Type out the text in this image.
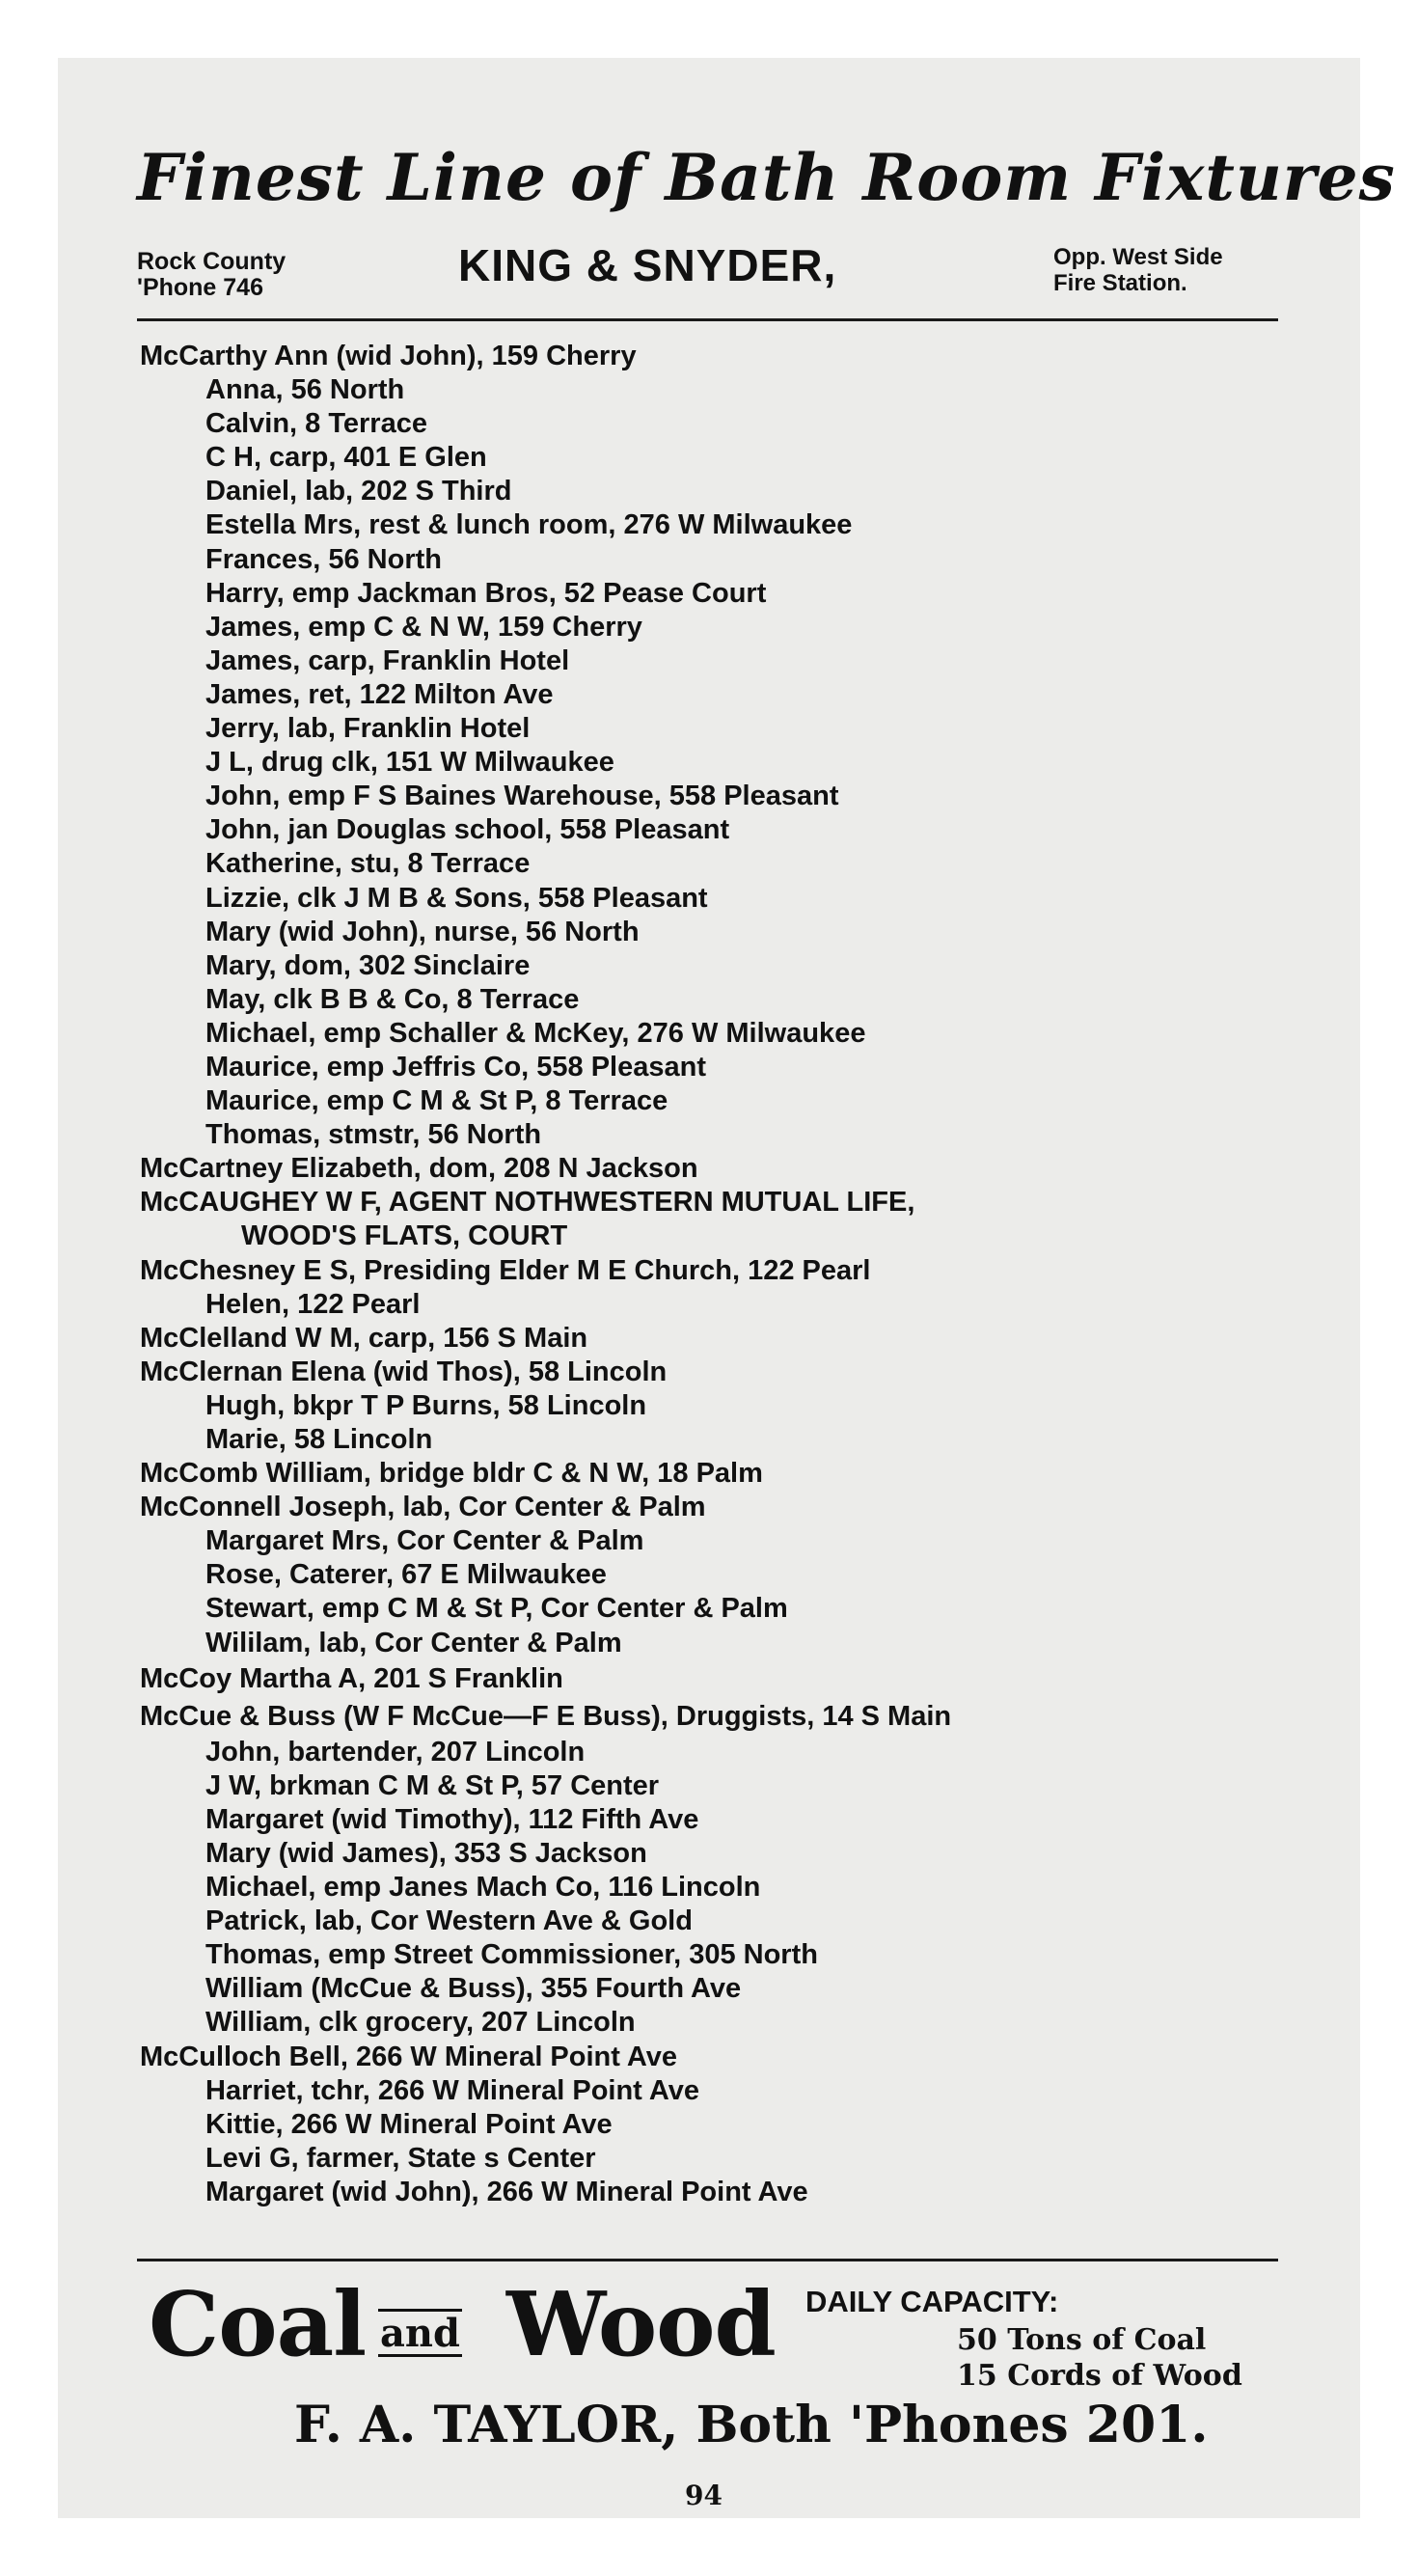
Finest Line of Bath Room Fixtures
Rock County
'Phone 746	KING & SNYDER,	Opp. West Side
Fire Station.
McCarthy Ann (wid John), 159 Cherry
Anna, 56 North
Calvin, 8 Terrace
C H, carp, 401 E Glen
Daniel, lab, 202 S Third
Estella Mrs, rest & lunch room, 276 W Milwaukee
Frances, 56 North
Harry, emp Jackman Bros, 52 Pease Court
James, emp C & N W, 159 Cherry
James, carp, Franklin Hotel
James, ret, 122 Milton Ave
Jerry, lab, Franklin Hotel
J L, drug clk, 151 W Milwaukee
John, emp F S Baines Warehouse, 558 Pleasant
John, jan Douglas school, 558 Pleasant
Katherine, stu, 8 Terrace
Lizzie, clk J M B & Sons, 558 Pleasant
Mary (wid John), nurse, 56 North
Mary, dom, 302 Sinclaire
May, clk B B & Co, 8 Terrace
Michael, emp Schaller & McKey, 276 W Milwaukee
Maurice, emp Jeffris Co, 558 Pleasant
Maurice, emp C M & St P, 8 Terrace
Thomas, stmstr, 56 North
McCartney Elizabeth, dom, 208 N Jackson
McCAUGHEY W F, AGENT NOTHWESTERN MUTUAL LIFE,
WOOD'S FLATS, COURT
McChesney E S, Presiding Elder M E Church, 122 Pearl
Helen, 122 Pearl
McClelland W M, carp, 156 S Main
McClernan Elena (wid Thos), 58 Lincoln
Hugh, bkpr T P Burns, 58 Lincoln
Marie, 58 Lincoln
McComb William, bridge bldr C & N W, 18 Palm
McConnell Joseph, lab, Cor Center & Palm
Margaret Mrs, Cor Center & Palm
Rose, Caterer, 67 E Milwaukee
Stewart, emp C M & St P, Cor Center & Palm
Wililam, lab, Cor Center & Palm
McCoy Martha A, 201 S Franklin
McCue & Buss (W F McCue—F E Buss), Druggists, 14 S Main
John, bartender, 207 Lincoln
J W, brkman C M & St P, 57 Center
Margaret (wid Timothy), 112 Fifth Ave
Mary (wid James), 353 S Jackson
Michael, emp Janes Mach Co, 116 Lincoln
Patrick, lab, Cor Western Ave & Gold
Thomas, emp Street Commissioner, 305 North
William (McCue & Buss), 355 Fourth Ave
William, clk grocery, 207 Lincoln
McCulloch Bell, 266 W Mineral Point Ave
Harriet, tchr, 266 W Mineral Point Ave
Kittie, 266 W Mineral Point Ave
Levi G, farmer, State s Center
Margaret (wid John), 266 W Mineral Point Ave
Coal and Wood DAILY CAPACITY:
50 Tons of Coal
15 Cords of Wood
F. A. TAYLOR, Both 'Phones 201.
94
